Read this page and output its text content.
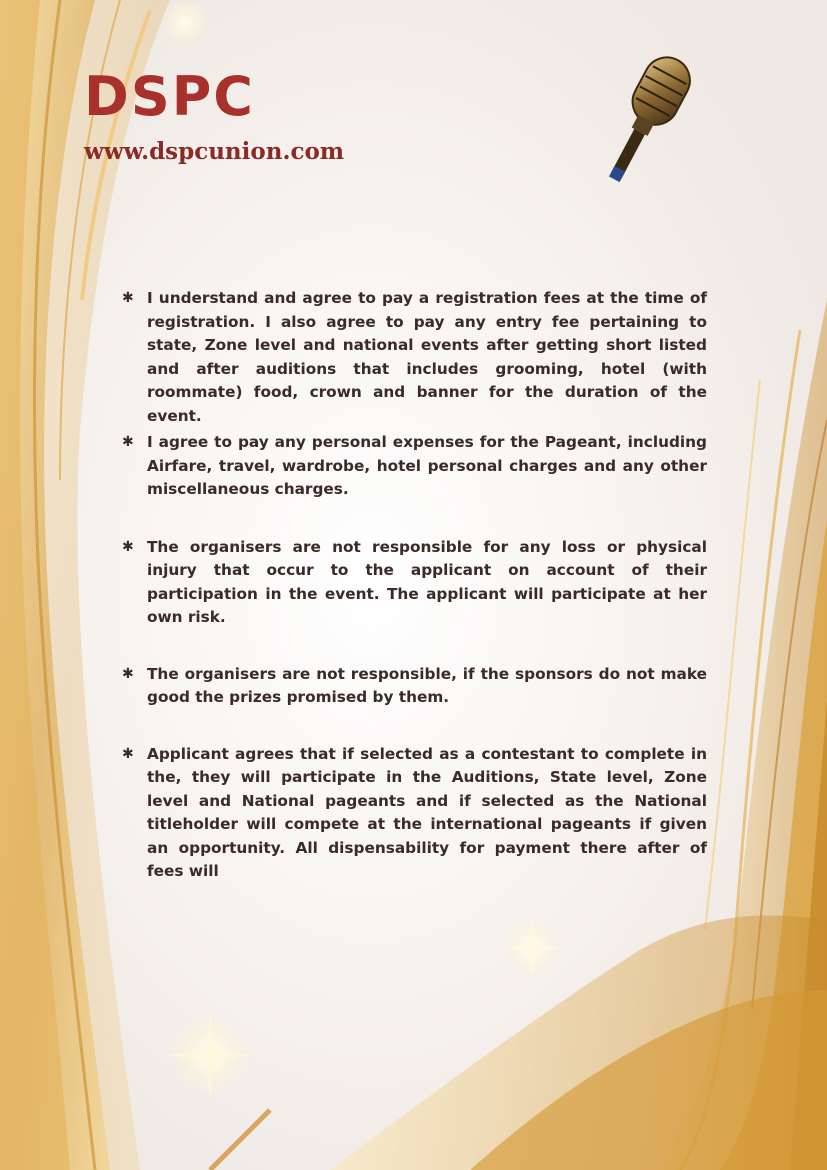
DSPC
www.dspcunion.com
✱ I understand and agree to pay a registration fees at the time of registration. I also agree to pay any entry fee pertaining to state, Zone level and national events after getting short listed and after auditions that includes grooming, hotel (with roommate) food, crown and banner for the duration of the event.
✱ I agree to pay any personal expenses for the Pageant, including Airfare, travel, wardrobe, hotel personal charges and any other miscellaneous charges.
✱ The organisers are not responsible for any loss or physical injury that occur to the applicant on account of their participation in the event. The applicant will participate at her own risk.
✱ The organisers are not responsible, if the sponsors do not make good the prizes promised by them.
✱ Applicant agrees that if selected as a contestant to complete in the, they will participate in the Auditions, State level, Zone level and National pageants and if selected as the National titleholder will compete at the international pageants if given an opportunity. All dispensability for payment there after of fees will
